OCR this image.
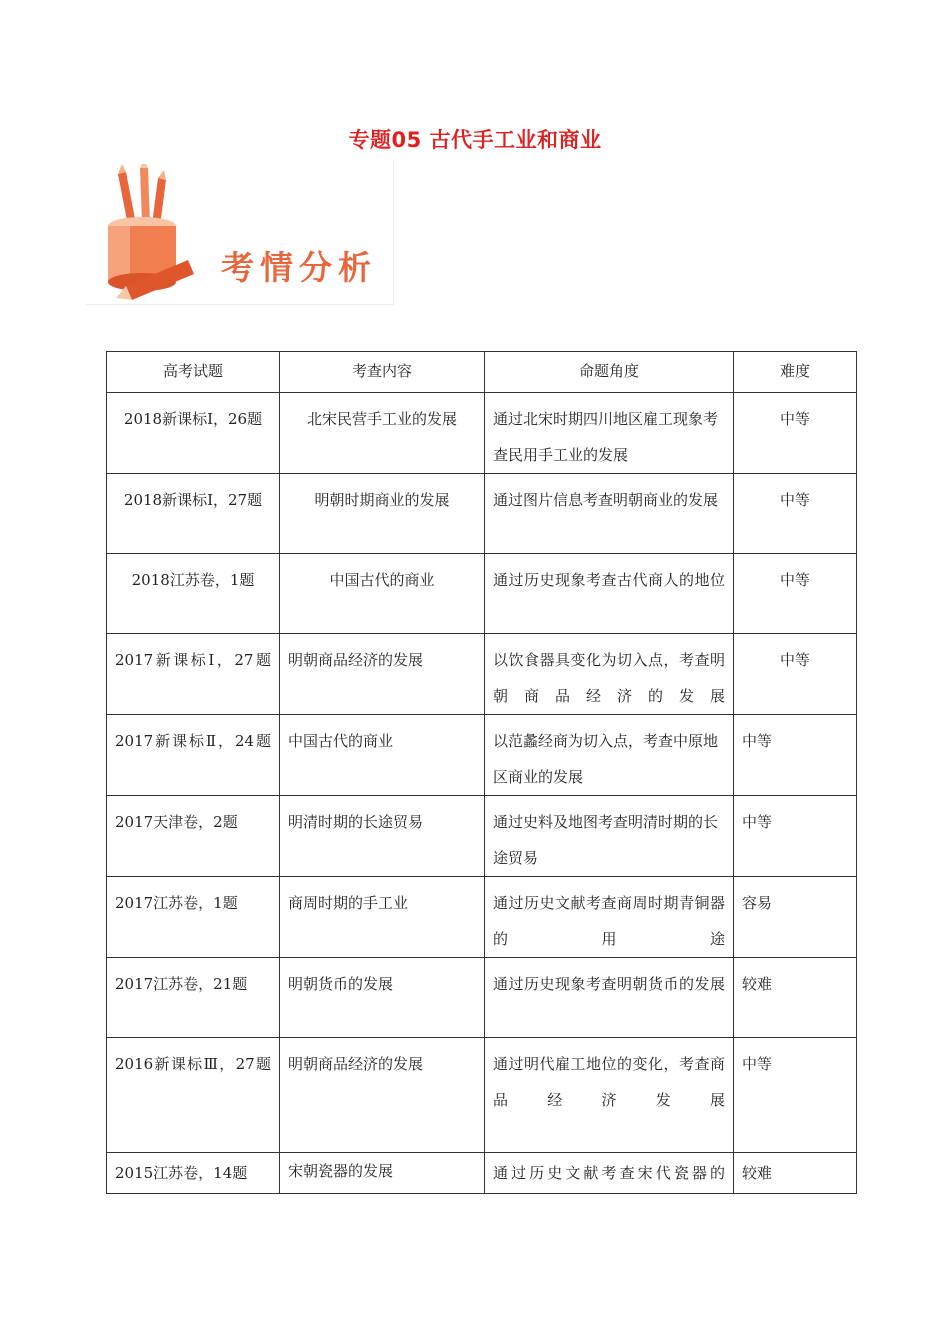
专题05 古代手工业和商业
考情分析
高考试题	考查内容	命题角度	难度
2018新课标Ⅰ，26题	北宋民营手工业的发展	通过北宋时期四川地区雇工现象考查民用手工业的发展	中等
2018新课标Ⅰ，27题	明朝时期商业的发展	通过图片信息考查明朝商业的发展	中等
2018江苏卷，1题	中国古代的商业	通过历史现象考查古代商人的地位	中等
2017新课标Ⅰ，27题	明朝商品经济的发展	以饮食器具变化为切入点，考查明朝商品经济的发展	中等
2017新课标Ⅱ，24题	中国古代的商业	以范蠡经商为切入点，考查中原地区商业的发展	中等
2017天津卷，2题	明清时期的长途贸易	通过史料及地图考查明清时期的长途贸易	中等
2017江苏卷，1题	商周时期的手工业	通过历史文献考查商周时期青铜器的用途	容易
2017江苏卷，21题	明朝货币的发展	通过历史现象考查明朝货币的发展	较难
2016新课标Ⅲ，27题	明朝商品经济的发展	通过明代雇工地位的变化，考查商品经济发展	中等
2015江苏卷，14题	宋朝瓷器的发展	通过历史文献考查宋代瓷器的	较难
